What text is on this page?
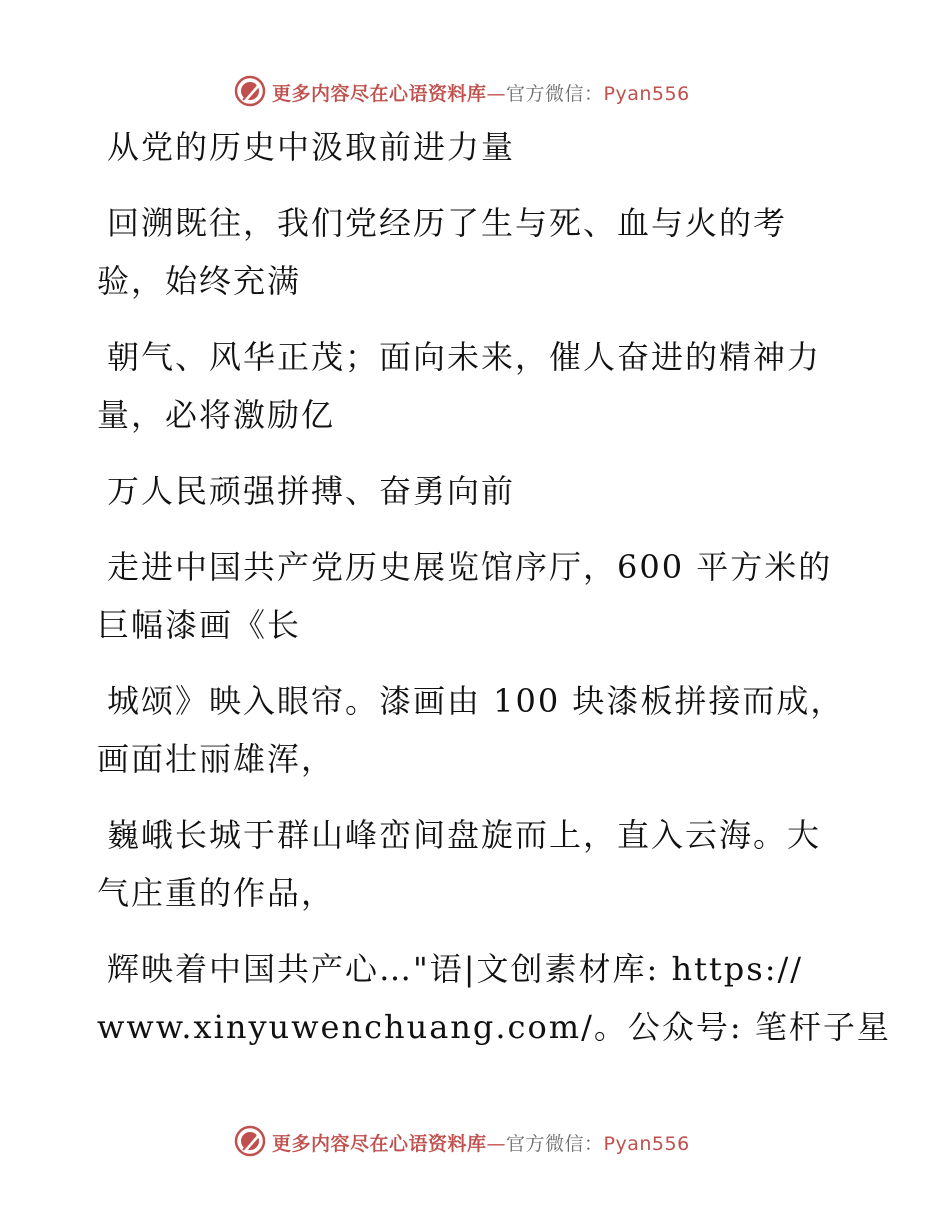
更多内容尽在心语资料库—官方微信：Pyan556
从党的历史中汲取前进力量
回溯既往，我们党经历了生与死、血与火的考
验，始终充满
朝气、风华正茂；面向未来，催人奋进的精神力
量，必将激励亿
万人民顽强拼搏、奋勇向前
走进中国共产党历史展览馆序厅，600 平方米的
巨幅漆画《长
城颂》映入眼帘。漆画由 100 块漆板拼接而成，
画面壮丽雄浑，
巍峨长城于群山峰峦间盘旋而上，直入云海。大
气庄重的作品，
辉映着中国共产心…"语|文创素材库: https://
www.xinyuwenchuang.com/。公众号: 笔杆子星
更多内容尽在心语资料库—官方微信：Pyan556
